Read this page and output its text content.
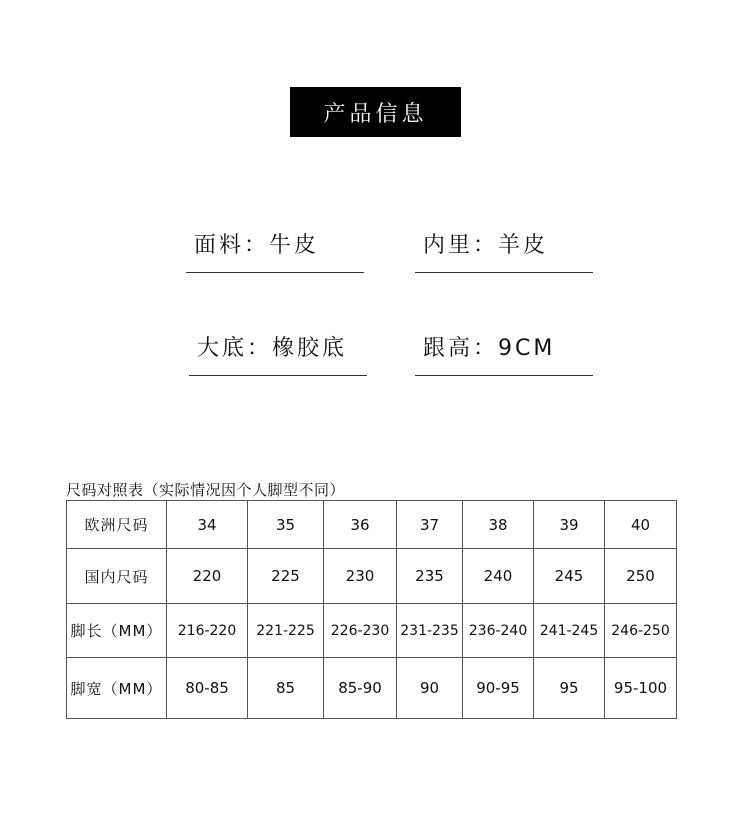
产品信息
面料：牛皮	内里：羊皮
大底：橡胶底	跟高：9CM
尺码对照表（实际情况因个人脚型不同）
欧洲尺码	34	35	36	37	38	39	40
国内尺码	220	225	230	235	240	245	250
脚长（MM）	216-220	221-225	226-230	231-235	236-240	241-245	246-250
脚宽（MM）	80-85	85	85-90	90	90-95	95	95-100
